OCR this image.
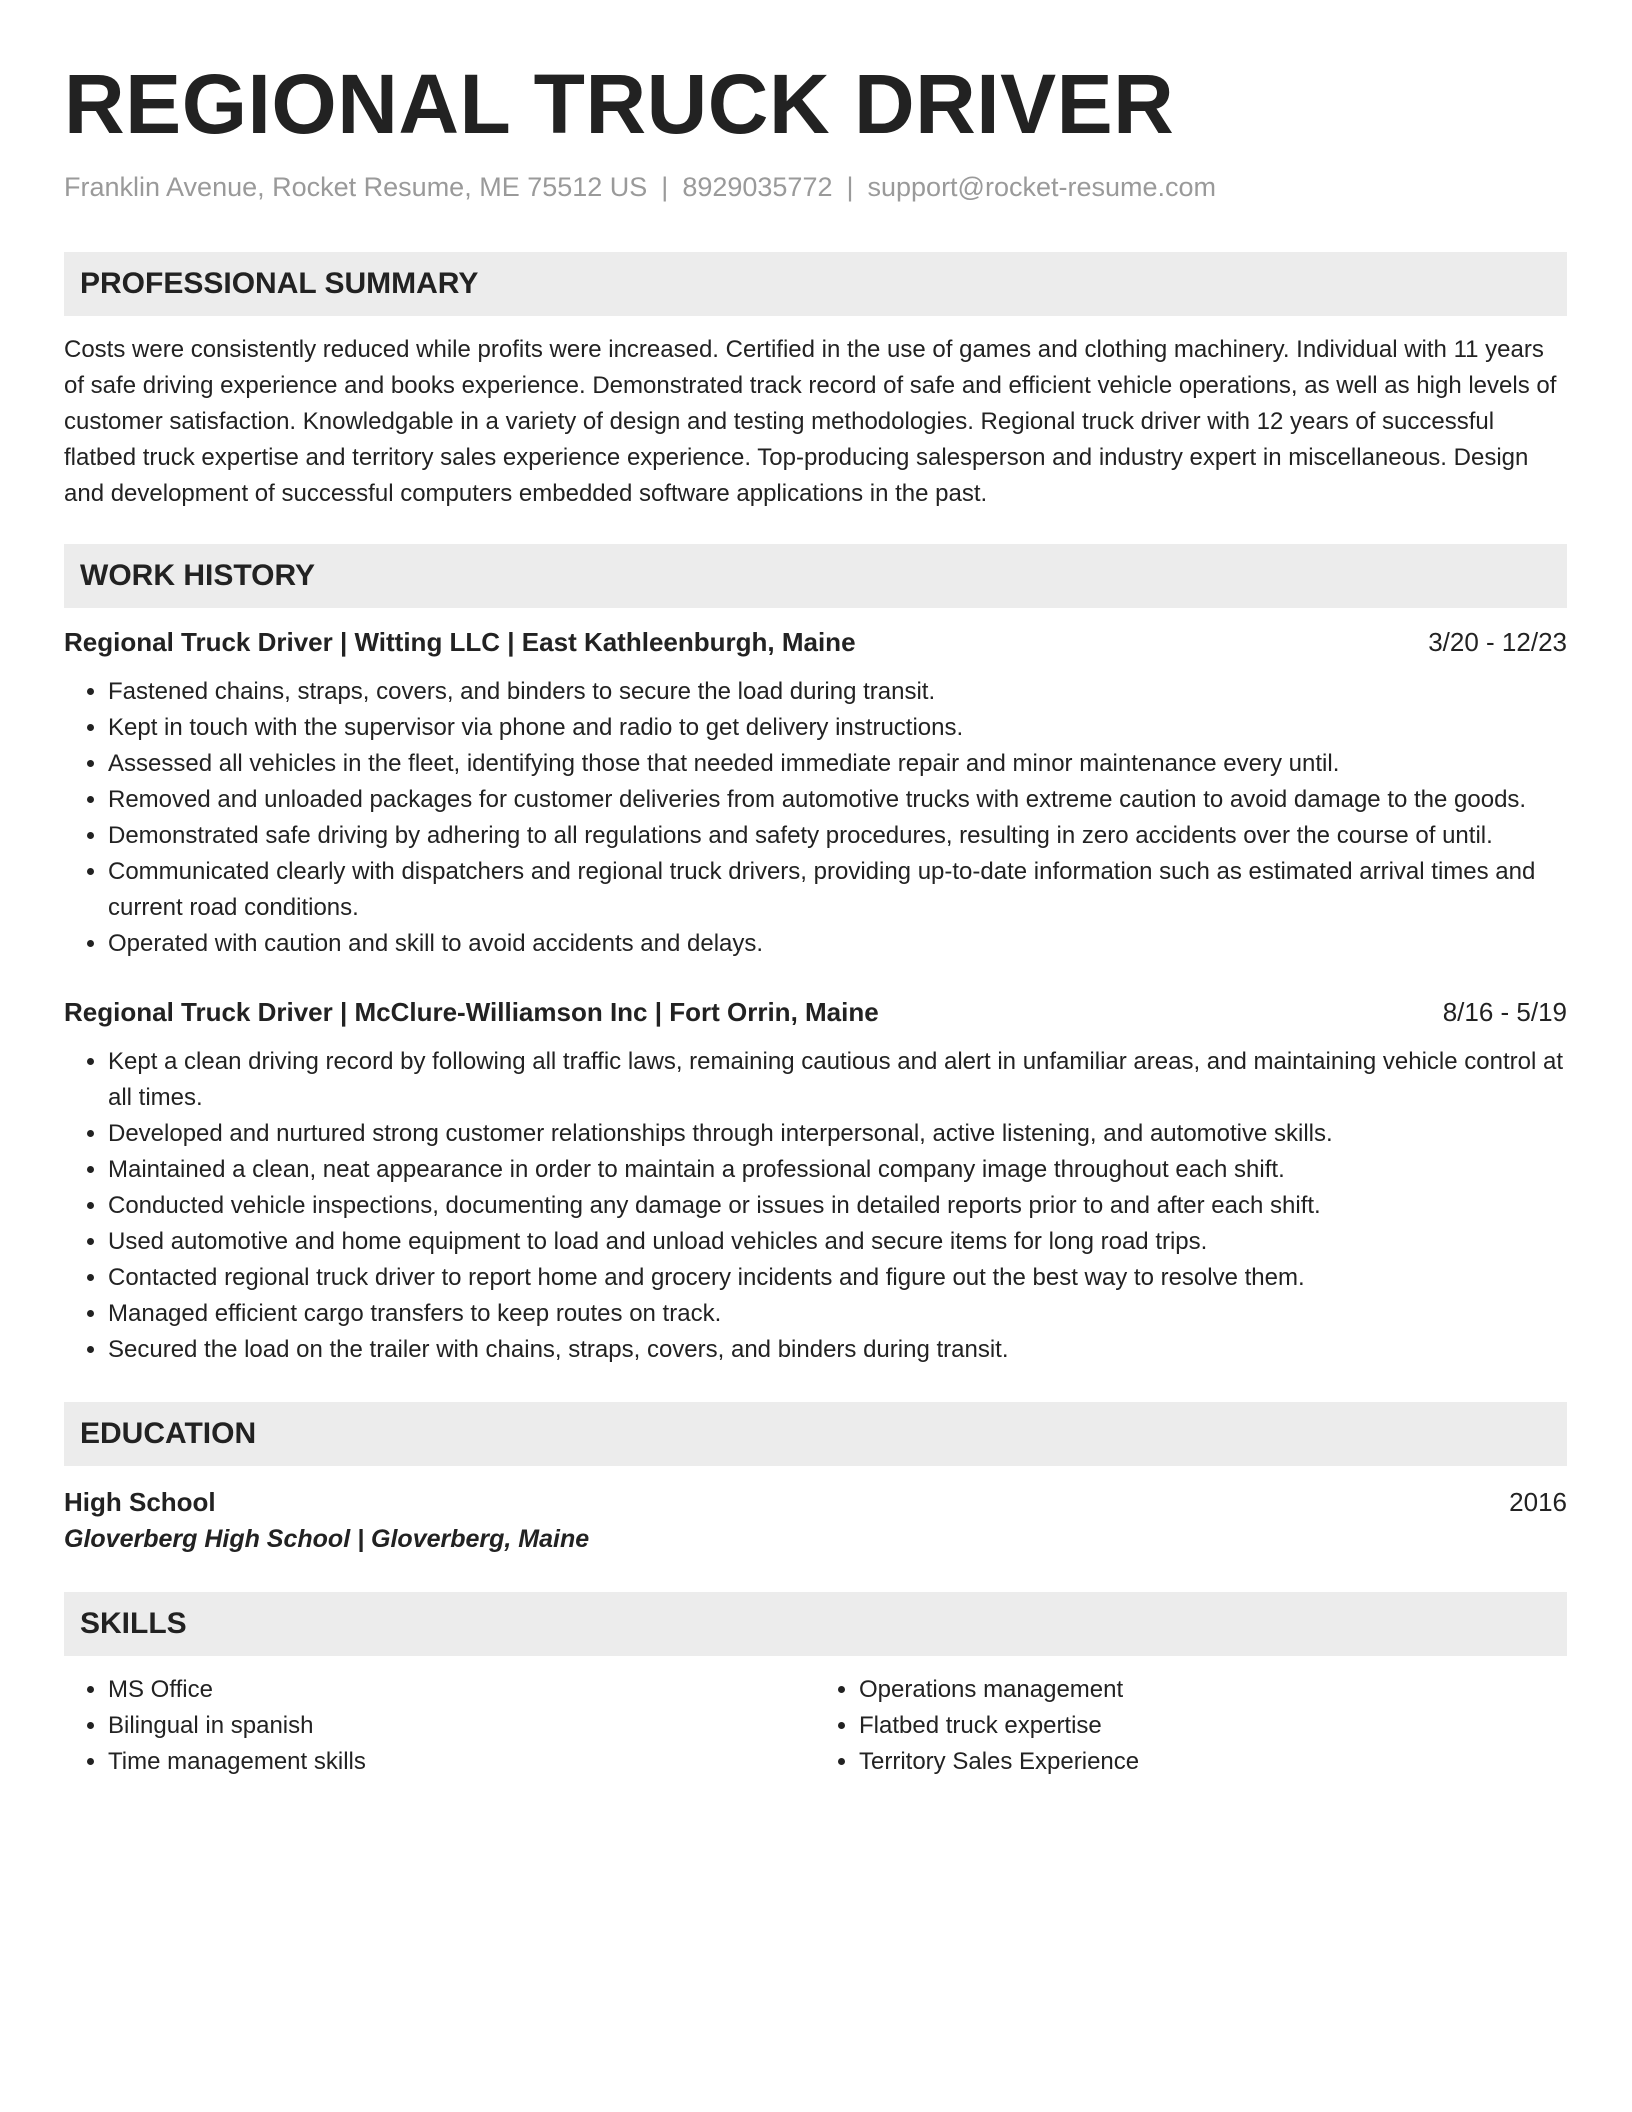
REGIONAL TRUCK DRIVER
Franklin Avenue, Rocket Resume, ME 75512 US | 8929035772 | support@rocket-resume.com
PROFESSIONAL SUMMARY
Costs were consistently reduced while profits were increased. Certified in the use of games and clothing machinery. Individual with 11 years of safe driving experience and books experience. Demonstrated track record of safe and efficient vehicle operations, as well as high levels of customer satisfaction. Knowledgable in a variety of design and testing methodologies. Regional truck driver with 12 years of successful flatbed truck expertise and territory sales experience experience. Top-producing salesperson and industry expert in miscellaneous. Design and development of successful computers embedded software applications in the past.
WORK HISTORY
Regional Truck Driver | Witting LLC | East Kathleenburgh, Maine	3/20 - 12/23
• Fastened chains, straps, covers, and binders to secure the load during transit.
• Kept in touch with the supervisor via phone and radio to get delivery instructions.
• Assessed all vehicles in the fleet, identifying those that needed immediate repair and minor maintenance every until.
• Removed and unloaded packages for customer deliveries from automotive trucks with extreme caution to avoid damage to the goods.
• Demonstrated safe driving by adhering to all regulations and safety procedures, resulting in zero accidents over the course of until.
• Communicated clearly with dispatchers and regional truck drivers, providing up-to-date information such as estimated arrival times and current road conditions.
• Operated with caution and skill to avoid accidents and delays.
Regional Truck Driver | McClure-Williamson Inc | Fort Orrin, Maine	8/16 - 5/19
• Kept a clean driving record by following all traffic laws, remaining cautious and alert in unfamiliar areas, and maintaining vehicle control at all times.
• Developed and nurtured strong customer relationships through interpersonal, active listening, and automotive skills.
• Maintained a clean, neat appearance in order to maintain a professional company image throughout each shift.
• Conducted vehicle inspections, documenting any damage or issues in detailed reports prior to and after each shift.
• Used automotive and home equipment to load and unload vehicles and secure items for long road trips.
• Contacted regional truck driver to report home and grocery incidents and figure out the best way to resolve them.
• Managed efficient cargo transfers to keep routes on track.
• Secured the load on the trailer with chains, straps, covers, and binders during transit.
EDUCATION
High School	2016
Gloverberg High School | Gloverberg, Maine
SKILLS
• MS Office
• Bilingual in spanish
• Time management skills
• Operations management
• Flatbed truck expertise
• Territory Sales Experience
